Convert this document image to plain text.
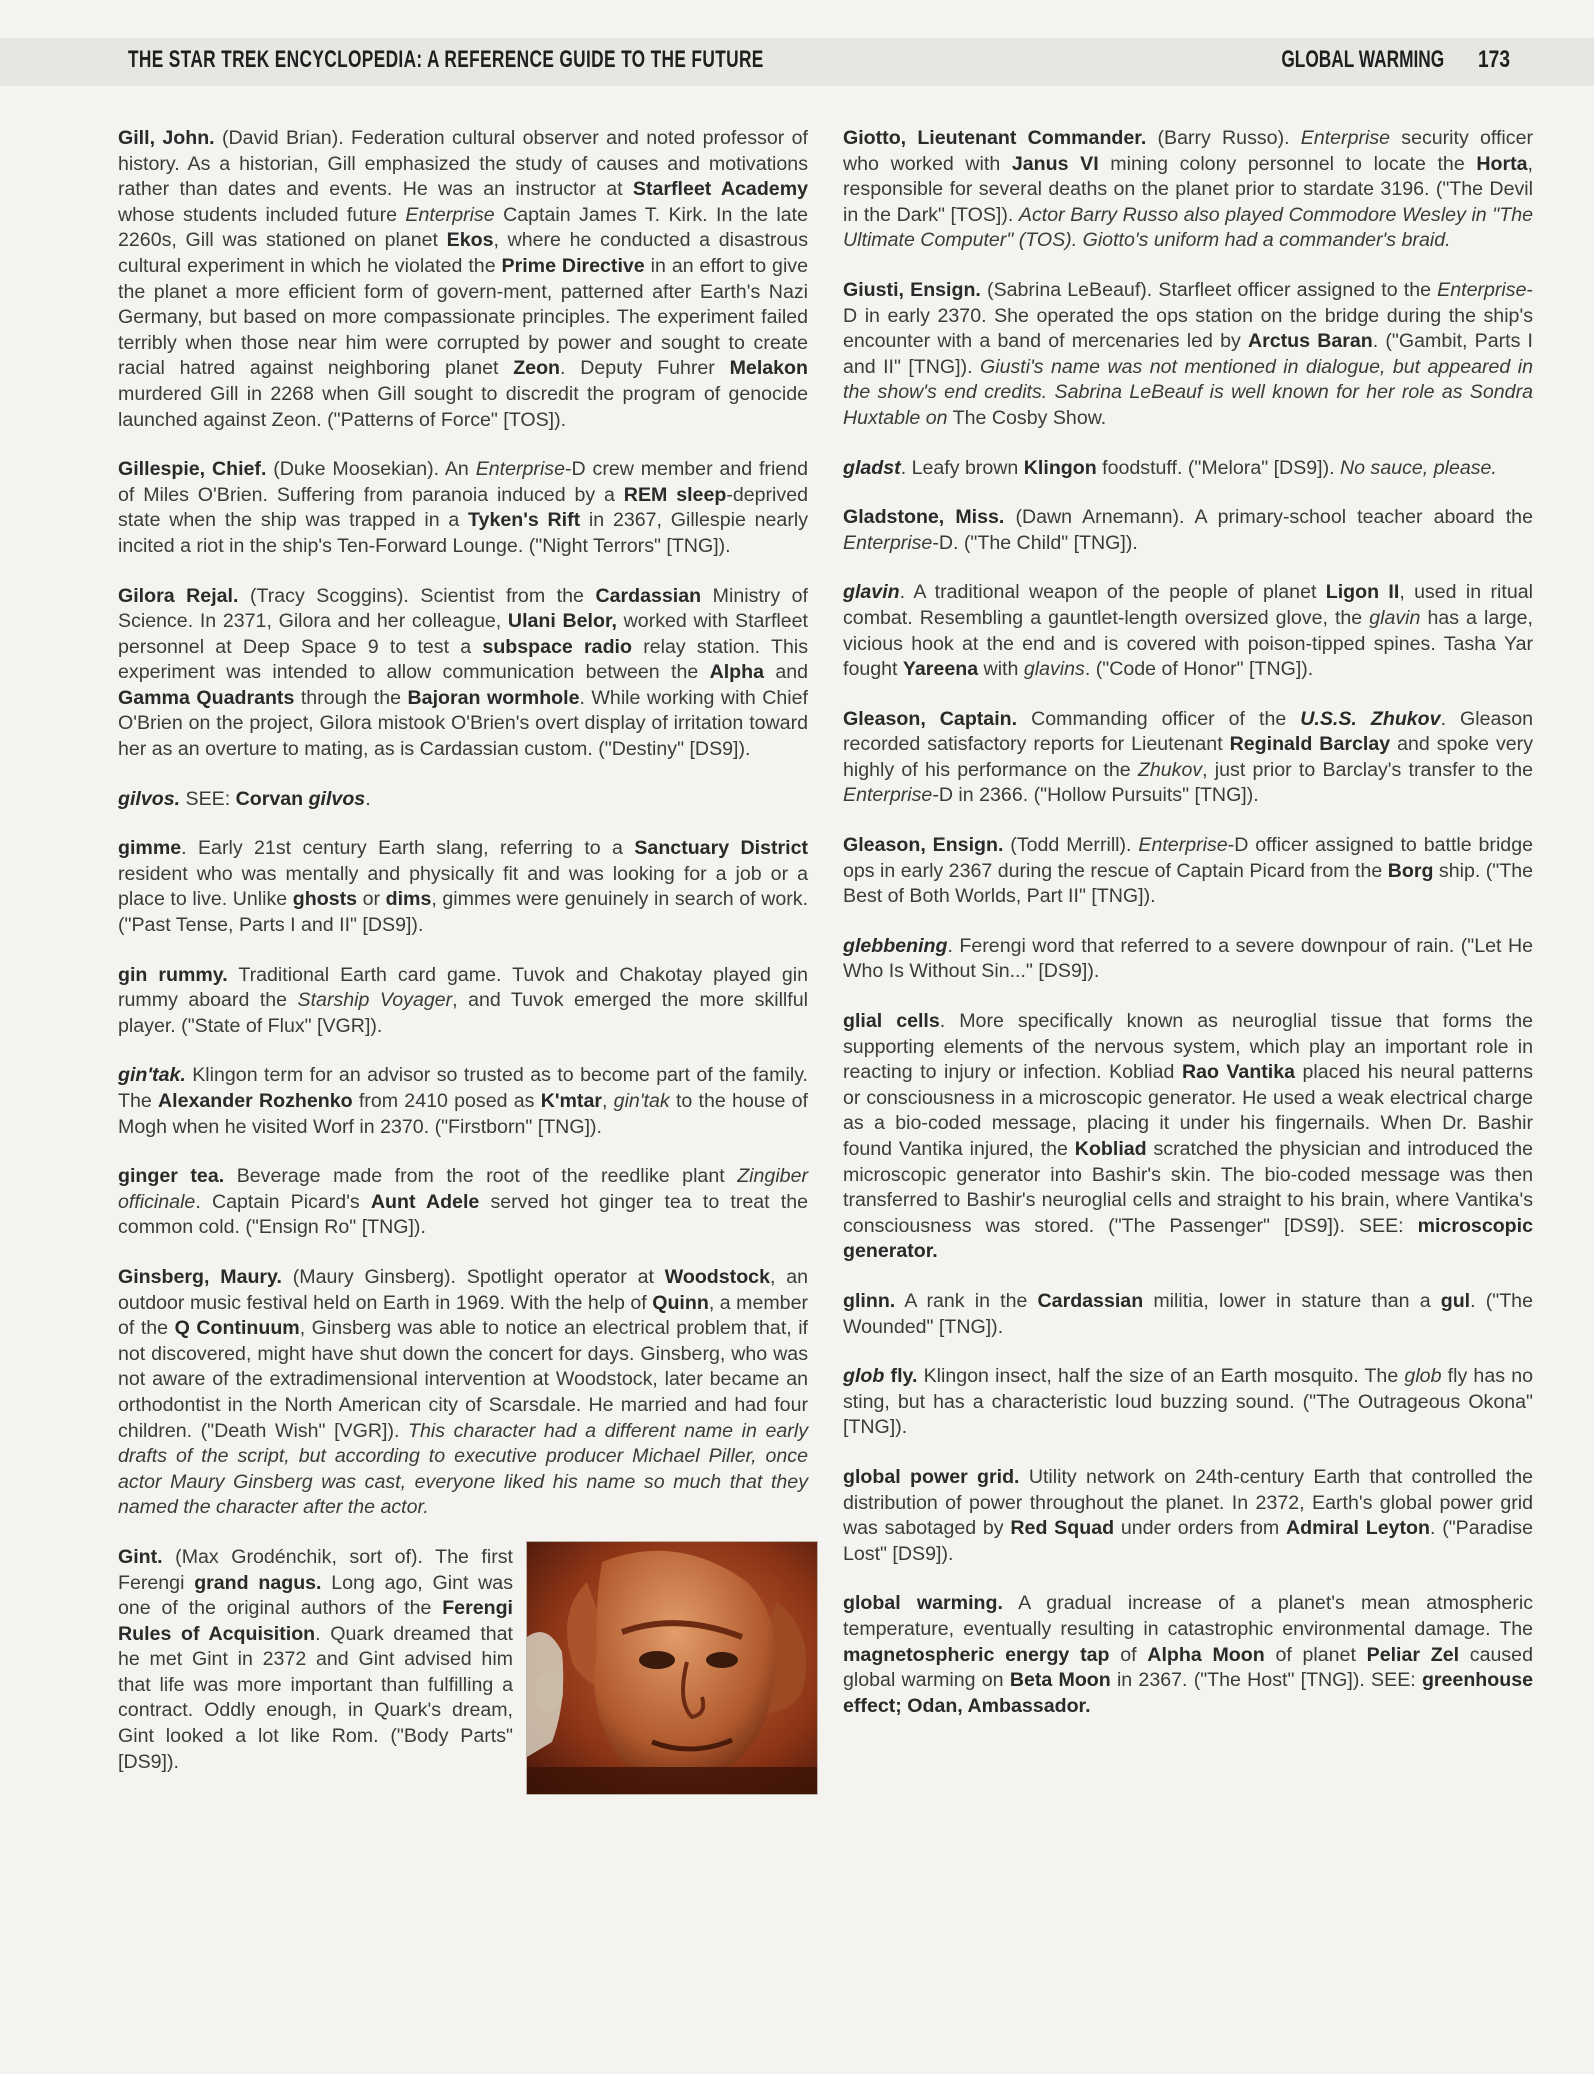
THE STAR TREK ENCYCLOPEDIA: A REFERENCE GUIDE TO THE FUTURE	GLOBAL WARMING 173

Gill, John. (David Brian). Federation cultural observer and noted professor of history. As a historian, Gill emphasized the study of causes and motivations rather than dates and events. He was an instructor at Starfleet Academy whose students included future Enterprise Captain James T. Kirk. In the late 2260s, Gill was stationed on planet Ekos, where he conducted a disastrous cultural experiment in which he violated the Prime Directive in an effort to give the planet a more efficient form of govern-ment, patterned after Earth's Nazi Germany, but based on more compassionate principles. The experiment failed terribly when those near him were corrupted by power and sought to create racial hatred against neighboring planet Zeon. Deputy Fuhrer Melakon murdered Gill in 2268 when Gill sought to discredit the program of genocide launched against Zeon. ("Patterns of Force" [TOS]).

Gillespie, Chief. (Duke Moosekian). An Enterprise-D crew member and friend of Miles O'Brien. Suffering from paranoia induced by a REM sleep-deprived state when the ship was trapped in a Tyken's Rift in 2367, Gillespie nearly incited a riot in the ship's Ten-Forward Lounge. ("Night Terrors" [TNG]).

Gilora Rejal. (Tracy Scoggins). Scientist from the Cardassian Ministry of Science. In 2371, Gilora and her colleague, Ulani Belor, worked with Starfleet personnel at Deep Space 9 to test a subspace radio relay station. This experiment was intended to allow communication between the Alpha and Gamma Quadrants through the Bajoran wormhole. While working with Chief O'Brien on the project, Gilora mistook O'Brien's overt display of irritation toward her as an overture to mating, as is Cardassian custom. ("Destiny" [DS9]).

gilvos. SEE: Corvan gilvos.

gimme. Early 21st century Earth slang, referring to a Sanctuary District resident who was mentally and physically fit and was looking for a job or a place to live. Unlike ghosts or dims, gimmes were genuinely in search of work. ("Past Tense, Parts I and II" [DS9]).

gin rummy. Traditional Earth card game. Tuvok and Chakotay played gin rummy aboard the Starship Voyager, and Tuvok emerged the more skillful player. ("State of Flux" [VGR]).

gin'tak. Klingon term for an advisor so trusted as to become part of the family. The Alexander Rozhenko from 2410 posed as K'mtar, gin'tak to the house of Mogh when he visited Worf in 2370. ("Firstborn" [TNG]).

ginger tea. Beverage made from the root of the reedlike plant Zingiber officinale. Captain Picard's Aunt Adele served hot ginger tea to treat the common cold. ("Ensign Ro" [TNG]).

Ginsberg, Maury. (Maury Ginsberg). Spotlight operator at Woodstock, an outdoor music festival held on Earth in 1969. With the help of Quinn, a member of the Q Continuum, Ginsberg was able to notice an electrical problem that, if not discovered, might have shut down the concert for days. Ginsberg, who was not aware of the extradimensional intervention at Woodstock, later became an orthodontist in the North American city of Scarsdale. He married and had four children. ("Death Wish" [VGR]). This character had a different name in early drafts of the script, but according to executive producer Michael Piller, once actor Maury Ginsberg was cast, everyone liked his name so much that they named the character after the actor.

Gint. (Max Grodénchik, sort of). The first Ferengi grand nagus. Long ago, Gint was one of the original authors of the Ferengi Rules of Acquisition. Quark dreamed that he met Gint in 2372 and Gint advised him that life was more important than fulfilling a contract. Oddly enough, in Quark's dream, Gint looked a lot like Rom. ("Body Parts" [DS9]).

Giotto, Lieutenant Commander. (Barry Russo). Enterprise security officer who worked with Janus VI mining colony personnel to locate the Horta, responsible for several deaths on the planet prior to stardate 3196. ("The Devil in the Dark" [TOS]). Actor Barry Russo also played Commodore Wesley in "The Ultimate Computer" (TOS). Giotto's uniform had a commander's braid.

Giusti, Ensign. (Sabrina LeBeauf). Starfleet officer assigned to the Enterprise-D in early 2370. She operated the ops station on the bridge during the ship's encounter with a band of mercenaries led by Arctus Baran. ("Gambit, Parts I and II" [TNG]). Giusti's name was not mentioned in dialogue, but appeared in the show's end credits. Sabrina LeBeauf is well known for her role as Sondra Huxtable on The Cosby Show.

gladst. Leafy brown Klingon foodstuff. ("Melora" [DS9]). No sauce, please.

Gladstone, Miss. (Dawn Arnemann). A primary-school teacher aboard the Enterprise-D. ("The Child" [TNG]).

glavin. A traditional weapon of the people of planet Ligon II, used in ritual combat. Resembling a gauntlet-length oversized glove, the glavin has a large, vicious hook at the end and is covered with poison-tipped spines. Tasha Yar fought Yareena with glavins. ("Code of Honor" [TNG]).

Gleason, Captain. Commanding officer of the U.S.S. Zhukov. Gleason recorded satisfactory reports for Lieutenant Reginald Barclay and spoke very highly of his performance on the Zhukov, just prior to Barclay's transfer to the Enterprise-D in 2366. ("Hollow Pursuits" [TNG]).

Gleason, Ensign. (Todd Merrill). Enterprise-D officer assigned to battle bridge ops in early 2367 during the rescue of Captain Picard from the Borg ship. ("The Best of Both Worlds, Part II" [TNG]).

glebbening. Ferengi word that referred to a severe downpour of rain. ("Let He Who Is Without Sin..." [DS9]).

glial cells. More specifically known as neuroglial tissue that forms the supporting elements of the nervous system, which play an important role in reacting to injury or infection. Kobliad Rao Vantika placed his neural patterns or consciousness in a microscopic generator. He used a weak electrical charge as a bio-coded message, placing it under his fingernails. When Dr. Bashir found Vantika injured, the Kobliad scratched the physician and introduced the microscopic generator into Bashir's skin. The bio-coded message was then transferred to Bashir's neuroglial cells and straight to his brain, where Vantika's consciousness was stored. ("The Passenger" [DS9]). SEE: microscopic generator.

glinn. A rank in the Cardassian militia, lower in stature than a gul. ("The Wounded" [TNG]).

glob fly. Klingon insect, half the size of an Earth mosquito. The glob fly has no sting, but has a characteristic loud buzzing sound. ("The Outrageous Okona" [TNG]).

global power grid. Utility network on 24th-century Earth that controlled the distribution of power throughout the planet. In 2372, Earth's global power grid was sabotaged by Red Squad under orders from Admiral Leyton. ("Paradise Lost" [DS9]).

global warming. A gradual increase of a planet's mean atmospheric temperature, eventually resulting in catastrophic environmental damage. The magnetospheric energy tap of Alpha Moon of planet Peliar Zel caused global warming on Beta Moon in 2367. ("The Host" [TNG]). SEE: greenhouse effect; Odan, Ambassador.
